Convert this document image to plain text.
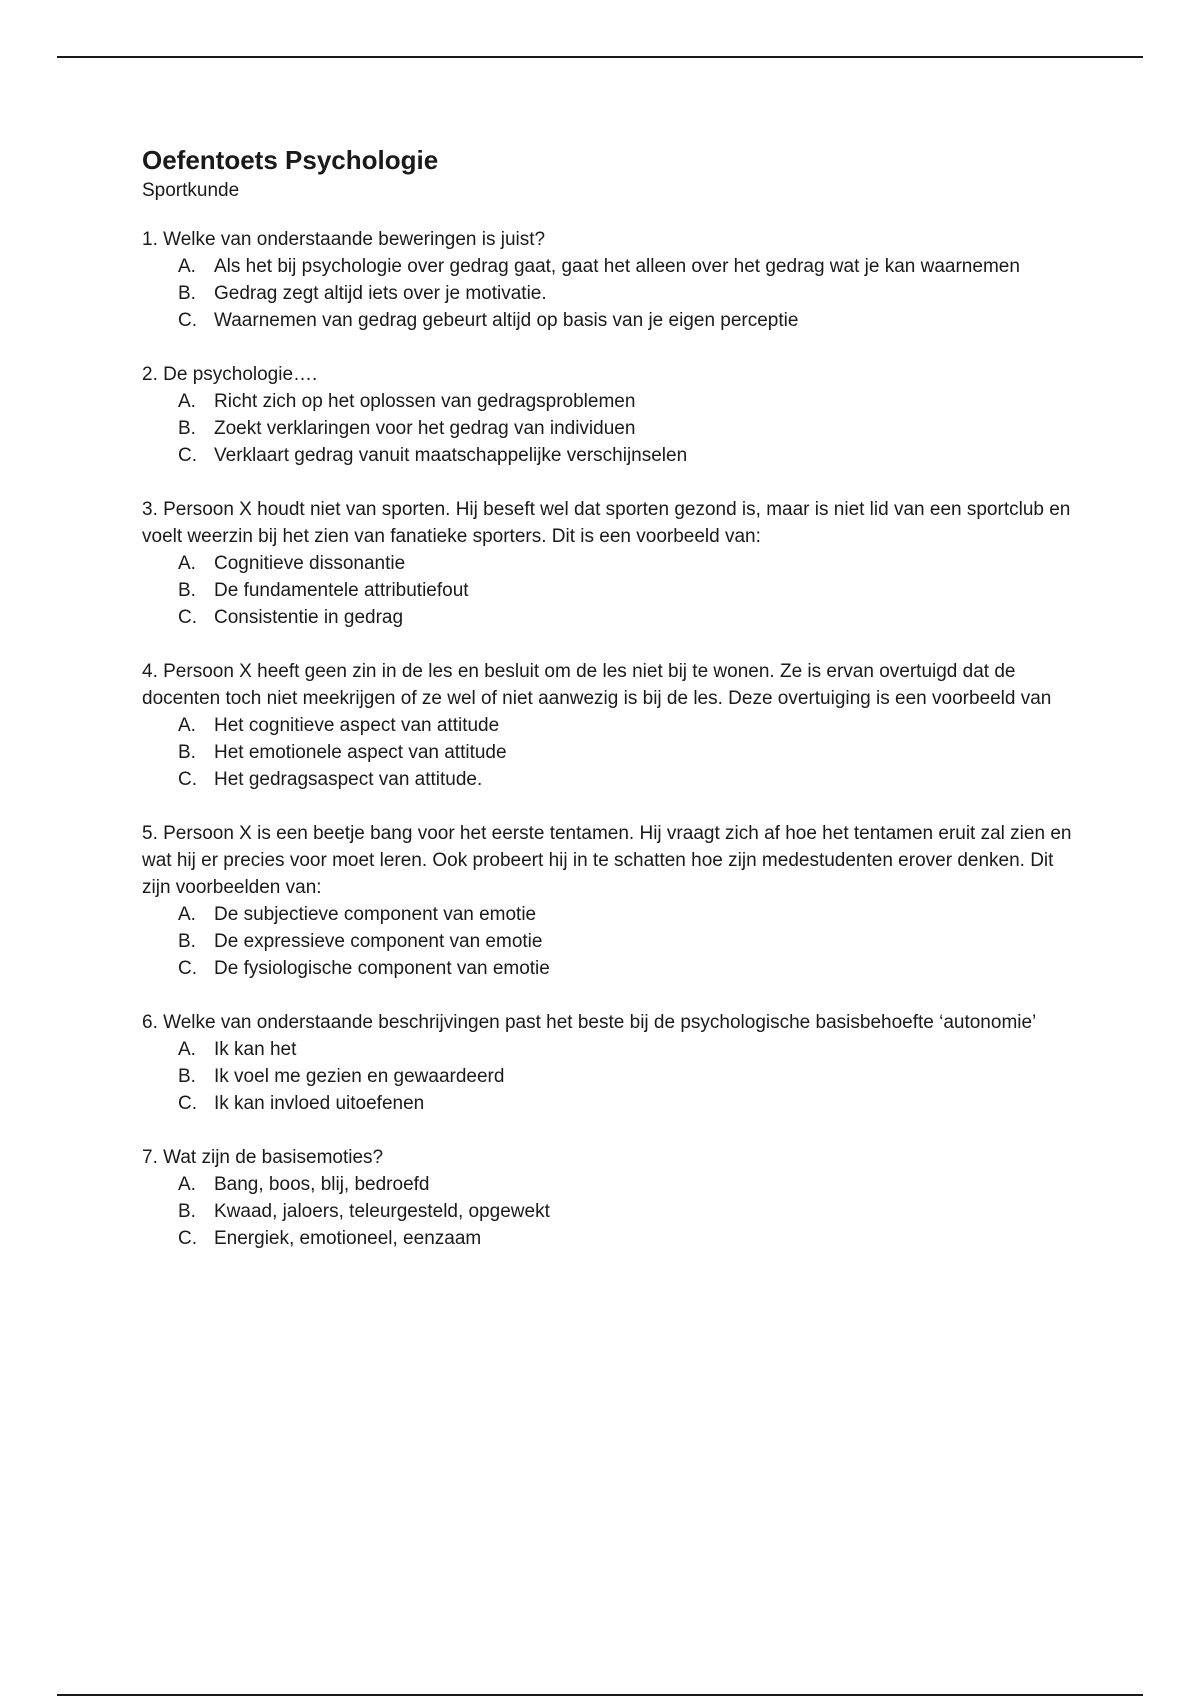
Oefentoets Psychologie

Sportkunde

1. Welke van onderstaande beweringen is juist?

A. Als het bij psychologie over gedrag gaat, gaat het alleen over het gedrag wat je kan waarnemen
B. Gedrag zegt altijd iets over je motivatie.
C. Waarnemen van gedrag gebeurt altijd op basis van je eigen perceptie

2. De psychologie….

A. Richt zich op het oplossen van gedragsproblemen
B. Zoekt verklaringen voor het gedrag van individuen
C. Verklaart gedrag vanuit maatschappelijke verschijnselen

3. Persoon X houdt niet van sporten. Hij beseft wel dat sporten gezond is, maar is niet lid van een sportclub en voelt weerzin bij het zien van fanatieke sporters. Dit is een voorbeeld van:

A. Cognitieve dissonantie
B. De fundamentele attributiefout
C. Consistentie in gedrag

4. Persoon X heeft geen zin in de les en besluit om de les niet bij te wonen. Ze is ervan overtuigd dat de docenten toch niet meekrijgen of ze wel of niet aanwezig is bij de les. Deze overtuiging is een voorbeeld van

A. Het cognitieve aspect van attitude
B. Het emotionele aspect van attitude
C. Het gedragsaspect van attitude.

5. Persoon X is een beetje bang voor het eerste tentamen. Hij vraagt zich af hoe het tentamen eruit zal zien en wat hij er precies voor moet leren. Ook probeert hij in te schatten hoe zijn medestudenten erover denken. Dit zijn voorbeelden van:

A. De subjectieve component van emotie
B. De expressieve component van emotie
C. De fysiologische component van emotie

6. Welke van onderstaande beschrijvingen past het beste bij de psychologische basisbehoefte ‘autonomie’

A. Ik kan het
B. Ik voel me gezien en gewaardeerd
C. Ik kan invloed uitoefenen

7. Wat zijn de basisemoties?

A. Bang, boos, blij, bedroefd
B. Kwaad, jaloers, teleurgesteld, opgewekt
C. Energiek, emotioneel, eenzaam
